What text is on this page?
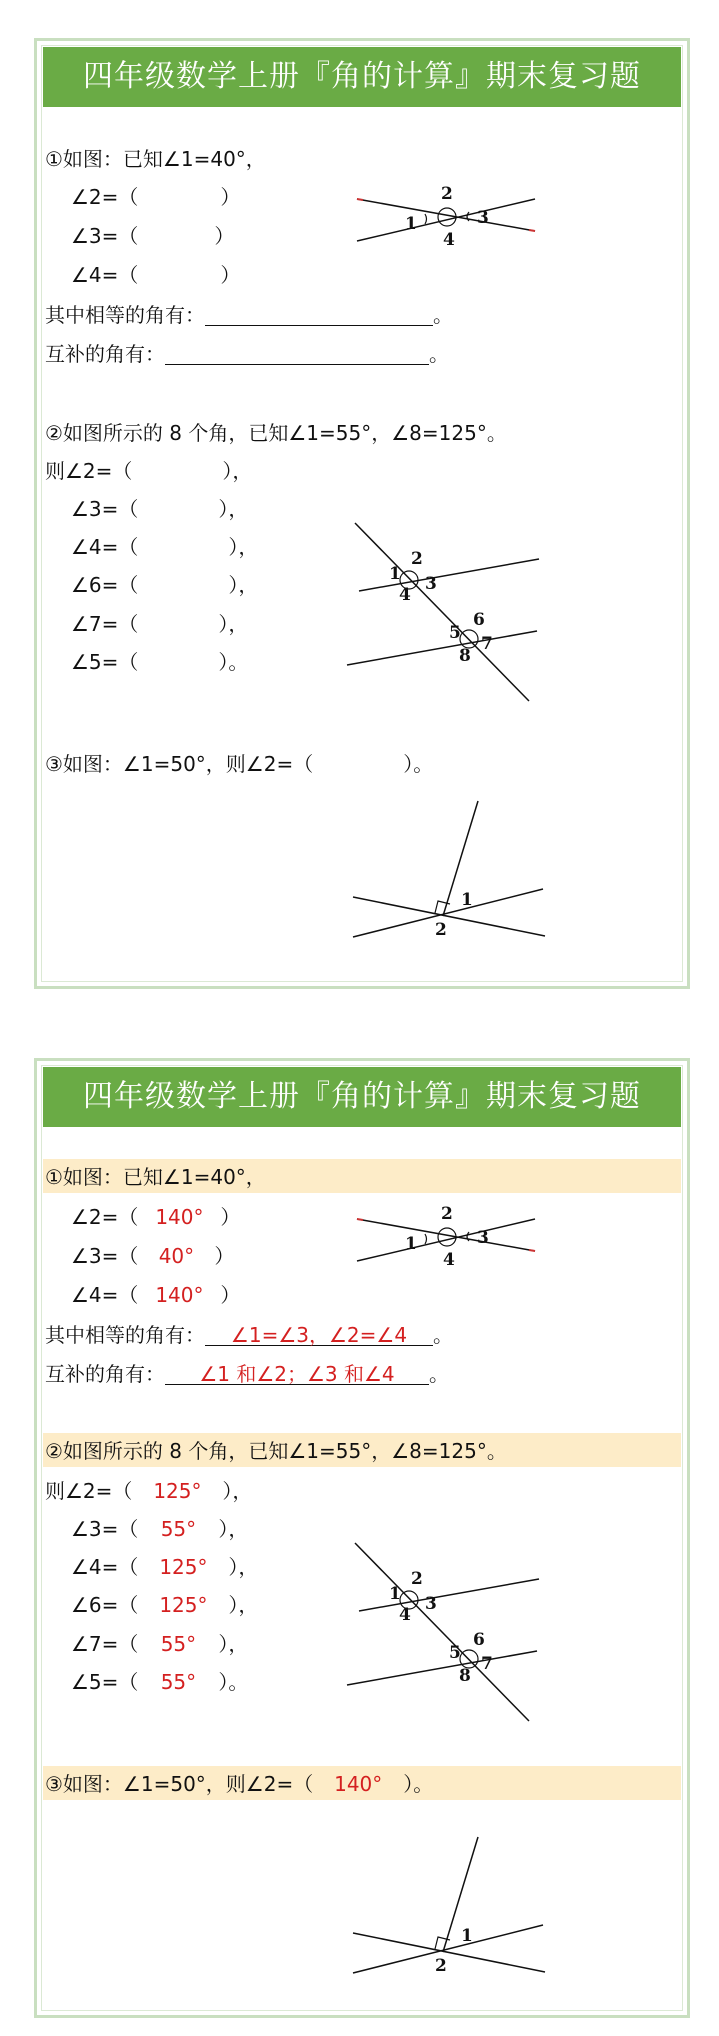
四年级数学上册『角的计算』期末复习题
①如图：已知∠1=40°，
∠2=（	）
∠3=（	）
∠4=（	）
其中相等的角有：	。
互补的角有：	。
1
2
3
4
②如图所示的 8 个角，已知∠1=55°，∠8=125°。
则∠2=（	），
∠3=（	），
∠4=（	），
∠6=（	），
∠7=（	），
∠5=（	）。
1
2
3
4
5
6
7
8
③如图：∠1=50°，则∠2=（	）。
1
2
四年级数学上册『角的计算』期末复习题
①如图：已知∠1=40°，
∠2=（ 140° ）
∠3=（ 40° ）
∠4=（ 140° ）
其中相等的角有： ∠1=∠3，∠2=∠4 。
互补的角有： ∠1 和∠2；∠3 和∠4 。
1
2
3
4
②如图所示的 8 个角，已知∠1=55°，∠8=125°。
则∠2=（ 125° ），
∠3=（ 55° ），
∠4=（ 125° ），
∠6=（ 125° ），
∠7=（ 55° ），
∠5=（ 55° ）。
1
2
3
4
5
6
7
8
③如图：∠1=50°，则∠2=（ 140° ）。
1
2
